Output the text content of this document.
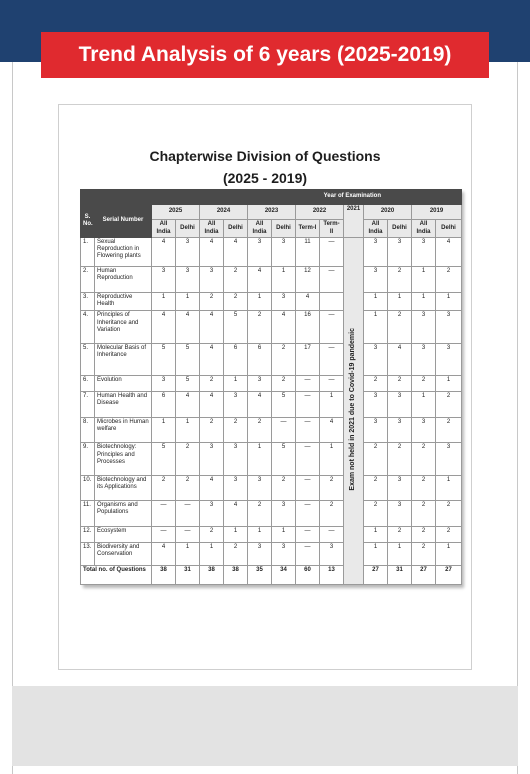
Trend Analysis of 6 years (2025-2019)
Chapterwise Division of Questions
(2025 - 2019)
		Year of Examination												
S. No.	Serial Number	2025		2024		2023		2022		2021	2020		2019	
		All India	Delhi	All India	Delhi	All India	Delhi	Term-I	Term-II		All India	Delhi	All India	Delhi
1.	Sexual Reproduction in Flowering plants	4	3	4	4	3	3	11	—	Exam not held in 2021 due to Covid-19 pandemic	3	3	3	4
2.	Human Reproduction	3	3	3	2	4	1	12	—		3	2	1	2
3.	Reproductive Health	1	1	2	2	1	3	4			1	1	1	1
4.	Principles of Inheritance and Variation	4	4	4	5	2	4	16	—		1	2	3	3
5.	Molecular Basis of Inheritance	5	5	4	6	6	2	17	—		3	4	3	3
6.	Evolution	3	5	2	1	3	2	—	—		2	2	2	1
7.	Human Health and Disease	6	4	4	3	4	5	—	1		3	3	1	2
8.	Microbes in Human welfare	1	1	2	2	2	—	—	4		3	3	3	2
9.	Biotechnology: Principles and Processes	5	2	3	3	1	5	—	1		2	2	2	3
10.	Biotechnology and its Applications	2	2	4	3	3	2	—	2		2	3	2	1
11.	Organisms and Populations	—	—	3	4	2	3	—	2		2	3	2	2
12.	Ecosystem	—	—	2	1	1	1	—	—		1	2	2	2
13.	Biodiversity and Conservation	4	1	1	2	3	3	—	3		1	1	2	1
Total no. of Questions		38	31	38	38	35	34	60	13		27	31	27	27
